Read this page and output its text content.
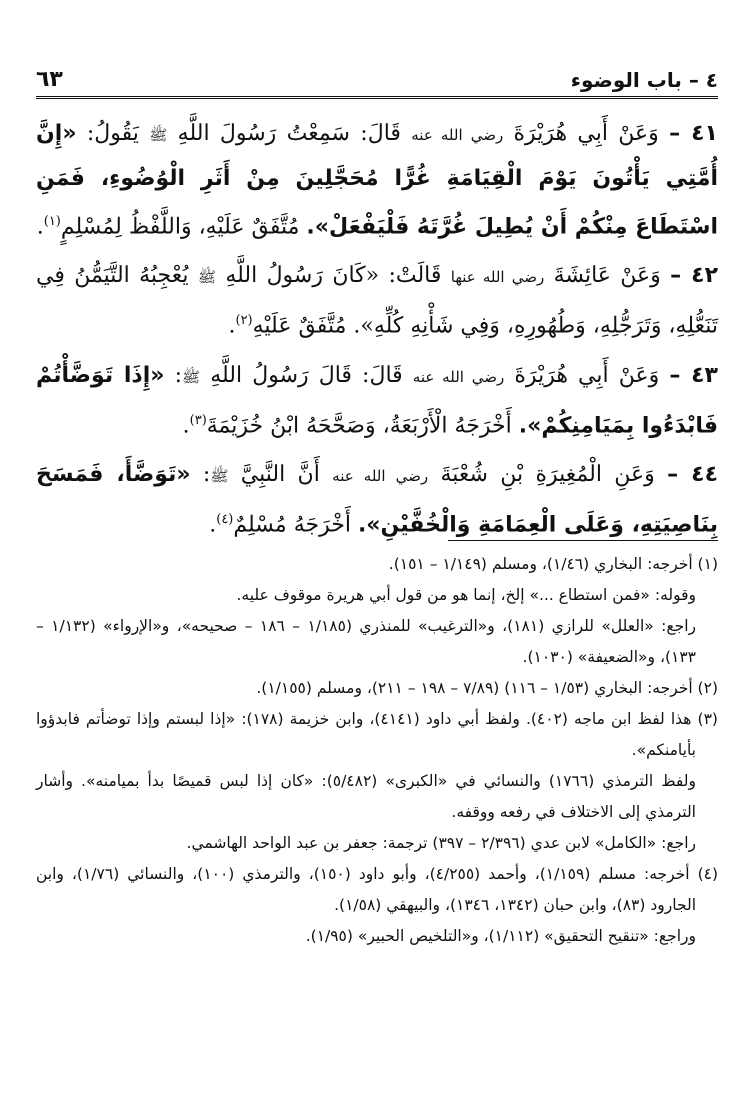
٤ – باب الوضوء
٦٣

٤١ – وَعَنْ أَبِي هُرَيْرَةَ رضي الله عنه قَالَ: سَمِعْتُ رَسُولَ اللَّهِ ﷺ يَقُولُ: «إِنَّ أُمَّتِي يَأْتُونَ يَوْمَ الْقِيَامَةِ غُرًّا مُحَجَّلِينَ مِنْ أَثَرِ الْوُضُوءِ، فَمَنِ اسْتَطَاعَ مِنْكُمْ أَنْ يُطِيلَ غُرَّتَهُ فَلْيَفْعَلْ». مُتَّفَقٌ عَلَيْهِ، وَاللَّفْظُ لِمُسْلِمٍ$^{(١)}$.

٤٢ – وَعَنْ عَائِشَةَ رضي الله عنها قَالَتْ: «كَانَ رَسُولُ اللَّهِ ﷺ يُعْجِبُهُ التَّيَمُّنُ فِي تَنَعُّلِهِ، وَتَرَجُّلِهِ، وَطُهُورِهِ، وَفِي شَأْنِهِ كُلِّهِ». مُتَّفَقٌ عَلَيْهِ$^{(٢)}$.

٤٣ – وَعَنْ أَبِي هُرَيْرَةَ رضي الله عنه قَالَ: قَالَ رَسُولُ اللَّهِ ﷺ: «إِذَا تَوَضَّأْتُمْ فَابْدَءُوا بِمَيَامِنِكُمْ». أَخْرَجَهُ الْأَرْبَعَةُ، وَصَحَّحَهُ ابْنُ خُزَيْمَةَ$^{(٣)}$.

٤٤ – وَعَنِ الْمُغِيرَةِ بْنِ شُعْبَةَ رضي الله عنه أَنَّ النَّبِيَّ ﷺ: «تَوَضَّأَ، فَمَسَحَ بِنَاصِيَتِهِ، وَعَلَى الْعِمَامَةِ وَالْخُفَّيْنِ». أَخْرَجَهُ مُسْلِمٌ$^{(٤)}$.

(١) أخرجه: البخاري (١/٤٦)، ومسلم (١/١٤٩ – ١٥١).

وقوله: «فمن استطاع ...» إلخ، إنما هو من قول أبي هريرة موقوف عليه.

راجع: «العلل» للرازي (١٨١)، و«الترغيب» للمنذري (١/١٨٥ – ١٨٦ – صحيحه»، و«الإرواء» (١/١٣٢ – ١٣٣)، و«الضعيفة» (١٠٣٠).

(٢) أخرجه: البخاري (١/٥٣ – ١١٦) (٧/٨٩ – ١٩٨ – ٢١١)، ومسلم (١/١٥٥).

(٣) هذا لفظ ابن ماجه (٤٠٢). ولفظ أبي داود (٤١٤١)، وابن خزيمة (١٧٨): «إذا لبستم وإذا توضأتم فابدؤوا بأيامنكم».

ولفظ الترمذي (١٧٦٦) والنسائي في «الكبرى» (٥/٤٨٢): «كان إذا لبس قميصًا بدأ بميامنه». وأشار الترمذي إلى الاختلاف في رفعه ووقفه.

راجع: «الكامل» لابن عدي (٢/٣٩٦ – ٣٩٧) ترجمة: جعفر بن عبد الواحد الهاشمي.

(٤) أخرجه: مسلم (١/١٥٩)، وأحمد (٤/٢٥٥)، وأبو داود (١٥٠)، والترمذي (١٠٠)، والنسائي (١/٧٦)، وابن الجارود (٨٣)، وابن حبان (١٣٤٢، ١٣٤٦)، والبيهقي (١/٥٨).

وراجع: «تنقيح التحقيق» (١/١١٢)، و«التلخيص الحبير» (١/٩٥).
